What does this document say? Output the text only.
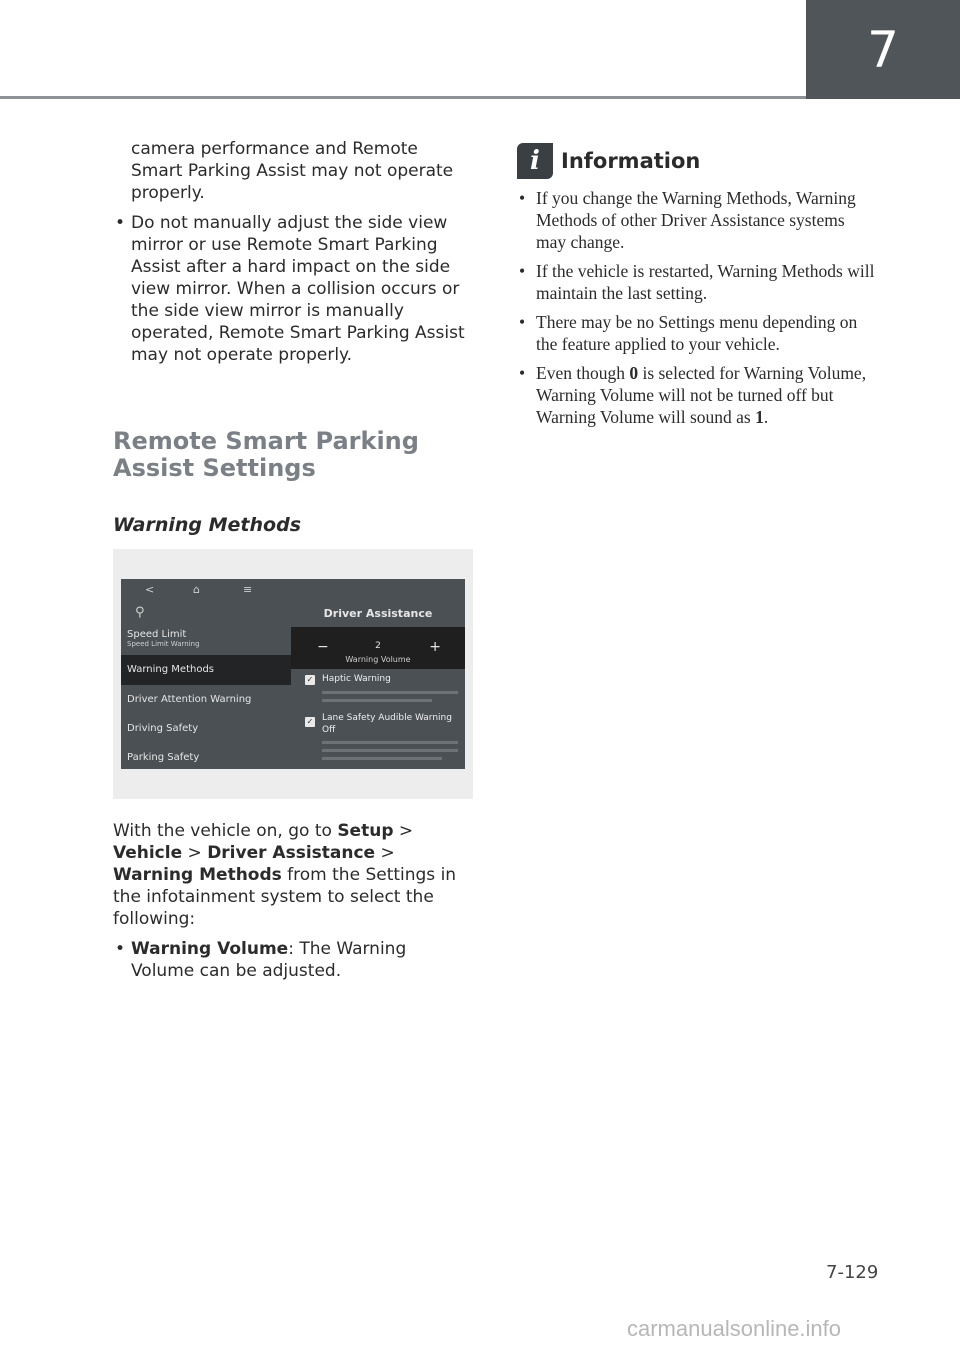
7

camera performance and Remote Smart Parking Assist may not operate properly.

• Do not manually adjust the side view mirror or use Remote Smart Parking Assist after a hard impact on the side view mirror. When a collision occurs or the side view mirror is manually operated, Remote Smart Parking Assist may not operate properly.
Remote Smart Parking Assist Settings
Warning Methods
<	⌂	≡
⚲
Speed Limit
Speed Limit Warning
Warning Methods
Driver Attention Warning
Driving Safety
Parking Safety
Driver Assistance
−	2
Warning Volume
+
✓ Haptic Warning
✓ Lane Safety Audible Warning
Off

With the vehicle on, go to Setup > Vehicle > Driver Assistance > Warning Methods from the Settings in the infotainment system to select the following:

• Warning Volume: The Warning Volume can be adjusted.
i	Information
• If you change the Warning Methods, Warning Methods of other Driver Assistance systems may change.
• If the vehicle is restarted, Warning Methods will maintain the last setting.
• There may be no Settings menu depending on the feature applied to your vehicle.
• Even though 0 is selected for Warning Volume, Warning Volume will not be turned off but Warning Volume will sound as 1.
7-129
carmanualsonline.info
